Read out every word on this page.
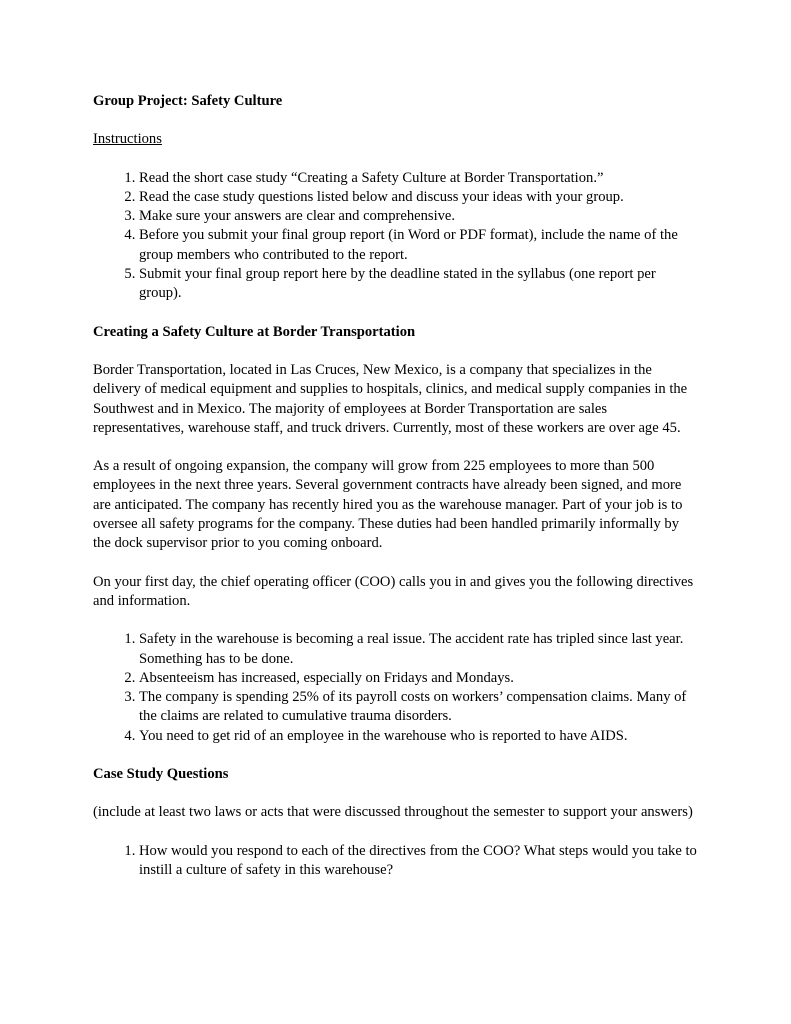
Group Project: Safety Culture
Instructions
1. Read the short case study “Creating a Safety Culture at Border Transportation.”
2. Read the case study questions listed below and discuss your ideas with your group.
3. Make sure your answers are clear and comprehensive.
4. Before you submit your final group report (in Word or PDF format), include the name of the group members who contributed to the report.
5. Submit your final group report here by the deadline stated in the syllabus (one report per group).
Creating a Safety Culture at Border Transportation

Border Transportation, located in Las Cruces, New Mexico, is a company that specializes in the delivery of medical equipment and supplies to hospitals, clinics, and medical supply companies in the Southwest and in Mexico. The majority of employees at Border Transportation are sales representatives, warehouse staff, and truck drivers. Currently, most of these workers are over age 45.

As a result of ongoing expansion, the company will grow from 225 employees to more than 500 employees in the next three years. Several government contracts have already been signed, and more are anticipated. The company has recently hired you as the warehouse manager. Part of your job is to oversee all safety programs for the company. These duties had been handled primarily informally by the dock supervisor prior to you coming onboard.

On your first day, the chief operating officer (COO) calls you in and gives you the following directives and information.

1. Safety in the warehouse is becoming a real issue. The accident rate has tripled since last year. Something has to be done.
2. Absenteeism has increased, especially on Fridays and Mondays.
3. The company is spending 25% of its payroll costs on workers’ compensation claims. Many of the claims are related to cumulative trauma disorders.
4. You need to get rid of an employee in the warehouse who is reported to have AIDS.
Case Study Questions

(include at least two laws or acts that were discussed throughout the semester to support your answers)

1. How would you respond to each of the directives from the COO? What steps would you take to instill a culture of safety in this warehouse?
